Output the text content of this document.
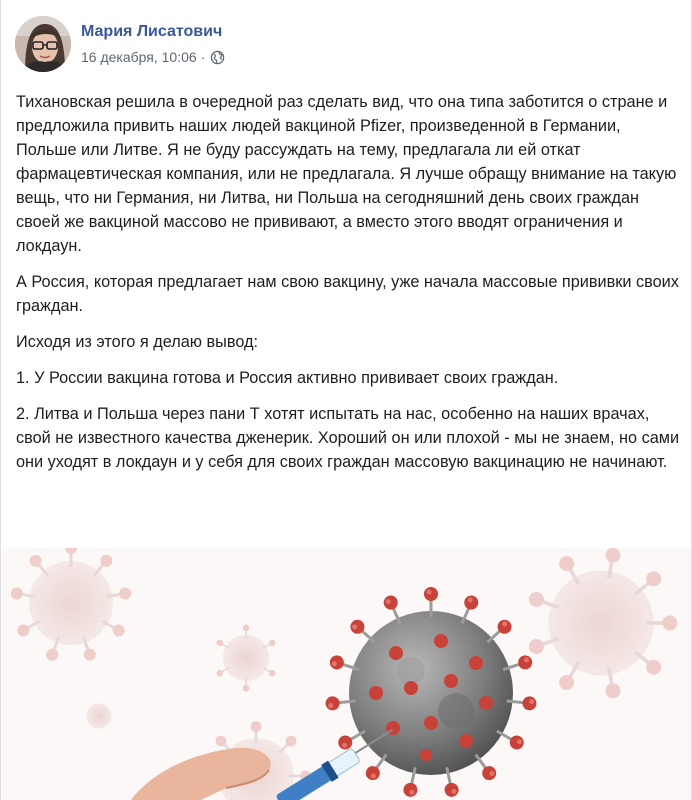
Мария Лисатович
16 декабря, 10:06 ·

Тихановская решила в очередной раз сделать вид, что она типа заботится о стране и предложила привить наших людей вакциной Pfizer, произведенной в Германии, Польше или Литве. Я не буду рассуждать на тему, предлагала ли ей откат фармацевтическая компания, или не предлагала. Я лучше обращу внимание на такую вещь, что ни Германия, ни Литва, ни Польша на сегодняшний день своих граждан своей же вакциной массово не прививают, а вместо этого вводят ограничения и локдаун.

А Россия, которая предлагает нам свою вакцину, уже начала массовые прививки своих граждан.

Исходя из этого я делаю вывод:

1. У России вакцина готова и Россия активно прививает своих граждан.

2. Литва и Польша через пани Т хотят испытать на нас, особенно на наших врачах, свой не известного качества дженерик. Хороший он или плохой - мы не знаем, но сами они уходят в локдаун и у себя для своих граждан массовую вакцинацию не начинают.
